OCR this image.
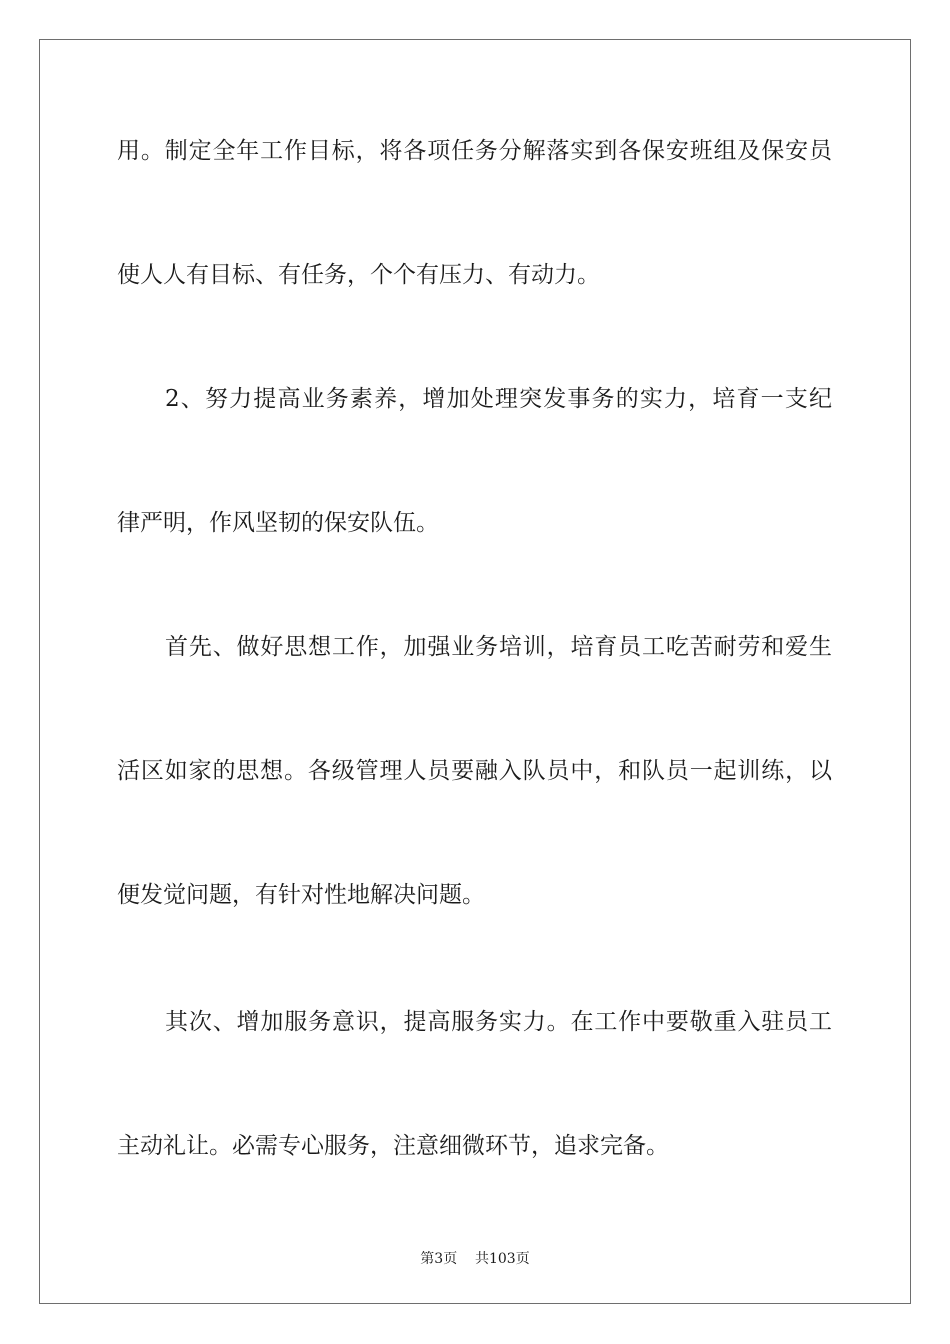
用。制定全年工作目标，将各项任务分解落实到各保安班组及保安员
使人人有目标、有任务，个个有压力、有动力。
2、努力提高业务素养，增加处理突发事务的实力，培育一支纪
律严明，作风坚韧的保安队伍。
首先、做好思想工作，加强业务培训，培育员工吃苦耐劳和爱生
活区如家的思想。各级管理人员要融入队员中，和队员一起训练，以
便发觉问题，有针对性地解决问题。
其次、增加服务意识，提高服务实力。在工作中要敬重入驻员工
主动礼让。必需专心服务，注意细微环节，追求完备。
第3页    共103页
